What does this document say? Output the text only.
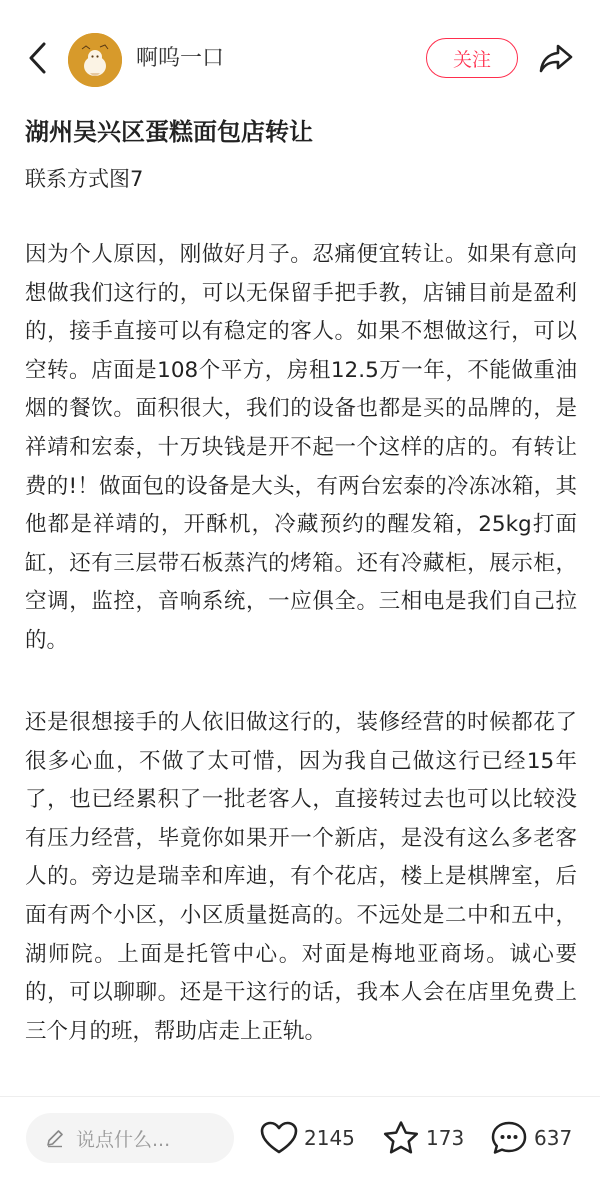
啊呜一口	关注
湖州吴兴区蛋糕面包店转让
联系方式图7
因为个人原因，刚做好月子。忍痛便宜转让。如果有意向想做我们这行的，可以无保留手把手教，店铺目前是盈利的，接手直接可以有稳定的客人。如果不想做这行，可以空转。店面是108个平方，房租12.5万一年，不能做重油烟的餐饮。面积很大，我们的设备也都是买的品牌的，是祥靖和宏泰，十万块钱是开不起一个这样的店的。有转让费的!！做面包的设备是大头，有两台宏泰的冷冻冰箱，其他都是祥靖的，开酥机，冷藏预约的醒发箱，25kg打面缸，还有三层带石板蒸汽的烤箱。还有冷藏柜，展示柜，空调，监控，音响系统，一应俱全。三相电是我们自己拉的。
还是很想接手的人依旧做这行的，装修经营的时候都花了很多心血，不做了太可惜，因为我自己做这行已经15年了，也已经累积了一批老客人，直接转过去也可以比较没有压力经营，毕竟你如果开一个新店，是没有这么多老客人的。旁边是瑞幸和库迪，有个花店，楼上是棋牌室，后面有两个小区，小区质量挺高的。不远处是二中和五中，湖师院。上面是托管中心。对面是梅地亚商场。诚心要的，可以聊聊。还是干这行的话，我本人会在店里免费上三个月的班，帮助店走上正轨。
说点什么...	2145	173	637
